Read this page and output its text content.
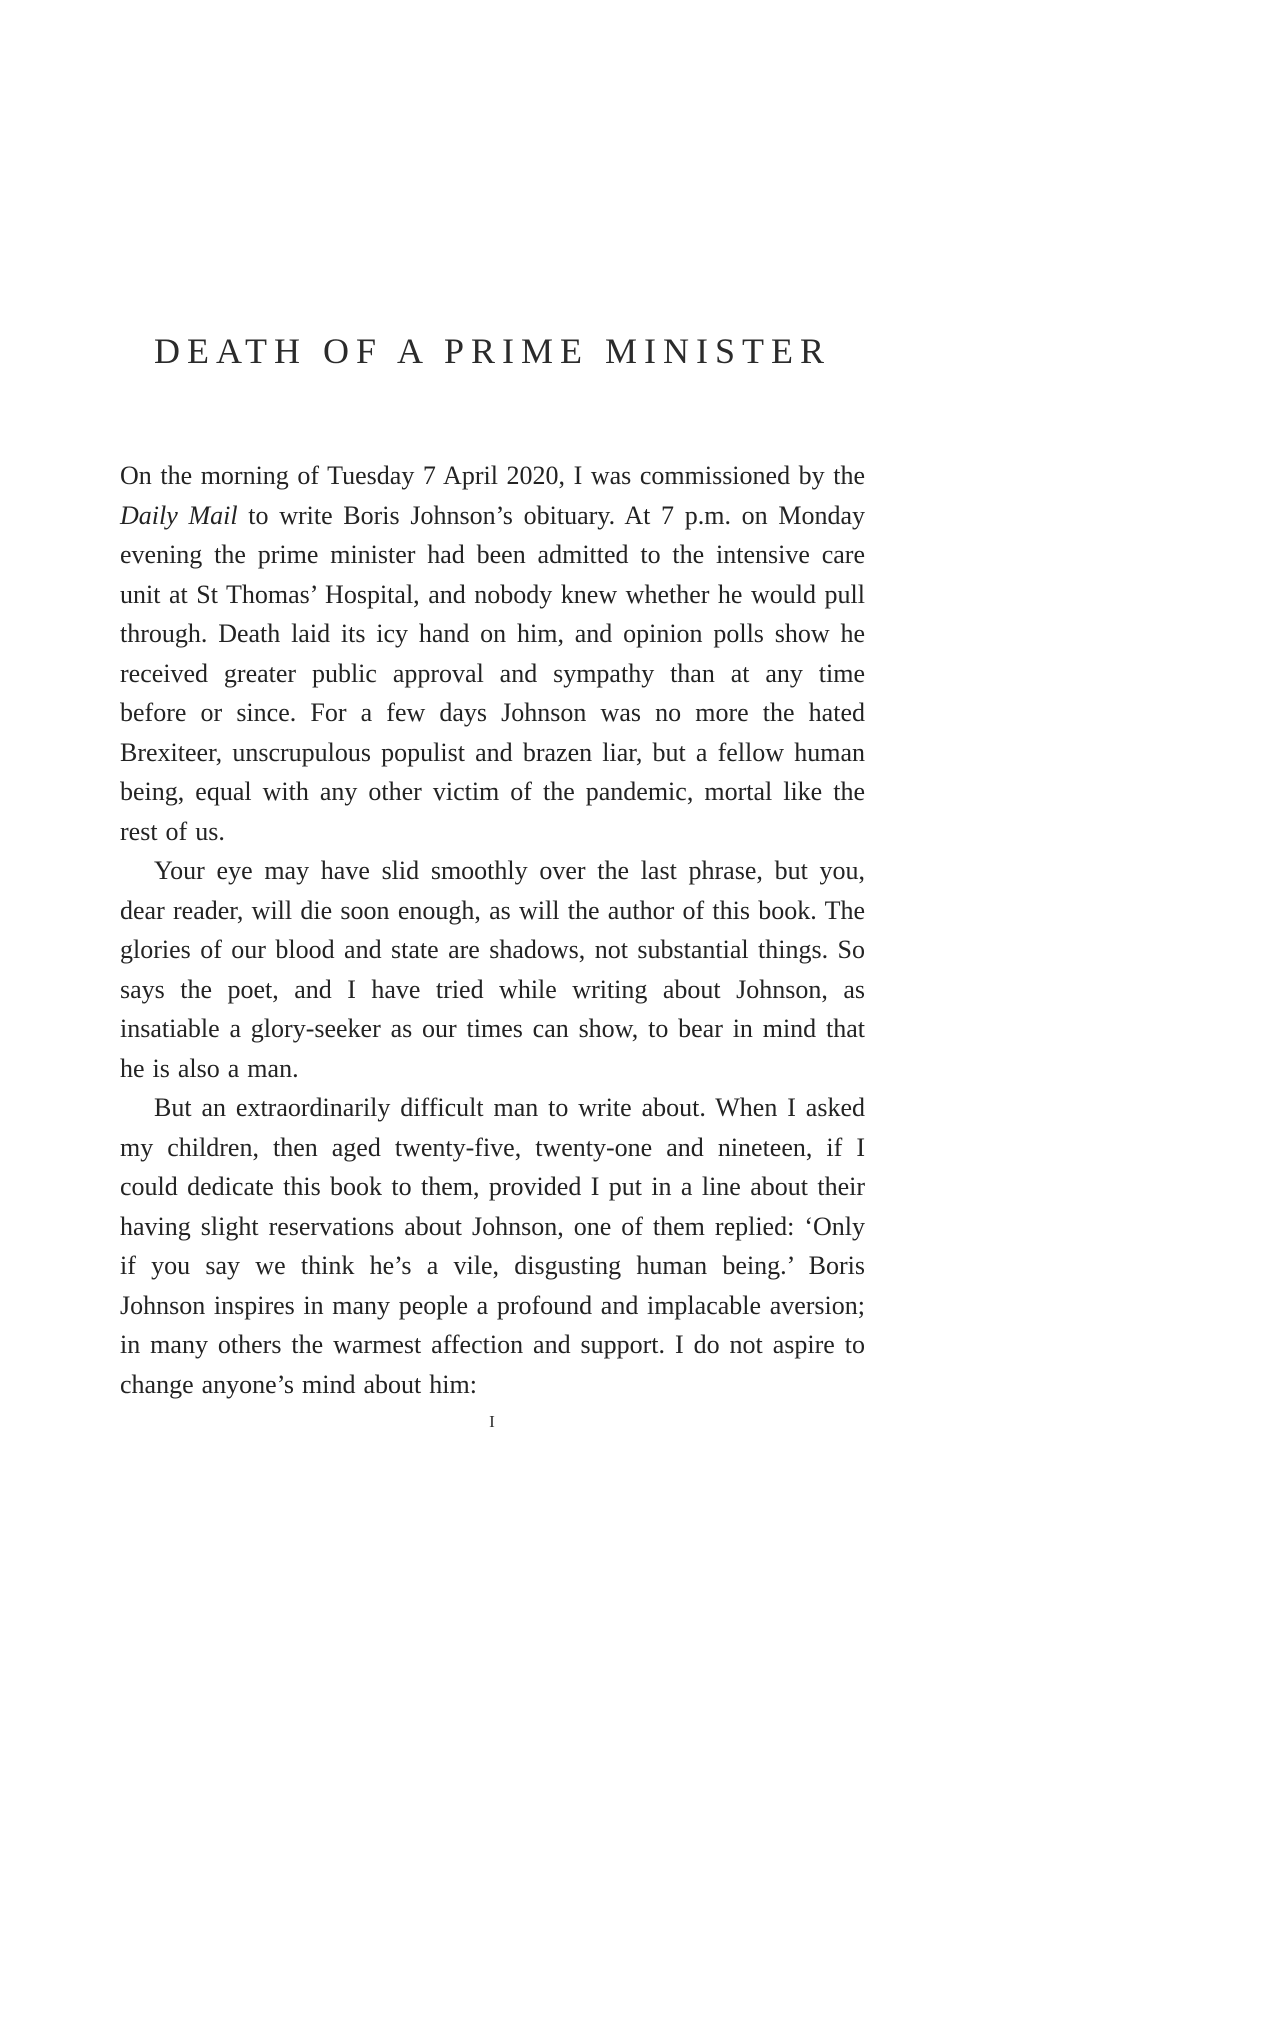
DEATH OF A PRIME MINISTER

On the morning of Tuesday 7 April 2020, I was commissioned by the Daily Mail to write Boris Johnson’s obituary. At 7 p.m. on Monday evening the prime minister had been admitted to the intensive care unit at St Thomas’ Hospital, and nobody knew whether he would pull through. Death laid its icy hand on him, and opinion polls show he received greater public approval and sympathy than at any time before or since. For a few days Johnson was no more the hated Brexiteer, unscrupulous populist and brazen liar, but a fellow human being, equal with any other victim of the pandemic, mortal like the rest of us.

Your eye may have slid smoothly over the last phrase, but you, dear reader, will die soon enough, as will the author of this book. The glories of our blood and state are shadows, not substantial things. So says the poet, and I have tried while writing about Johnson, as insatiable a glory-seeker as our times can show, to bear in mind that he is also a man.

But an extraordinarily difficult man to write about. When I asked my children, then aged twenty-five, twenty-one and nineteen, if I could dedicate this book to them, provided I put in a line about their having slight reservations about Johnson, one of them replied: ‘Only if you say we think he’s a vile, disgusting human being.’ Boris Johnson inspires in many people a profound and implacable aversion; in many others the warmest affection and support. I do not aspire to change anyone’s mind about him:

I
